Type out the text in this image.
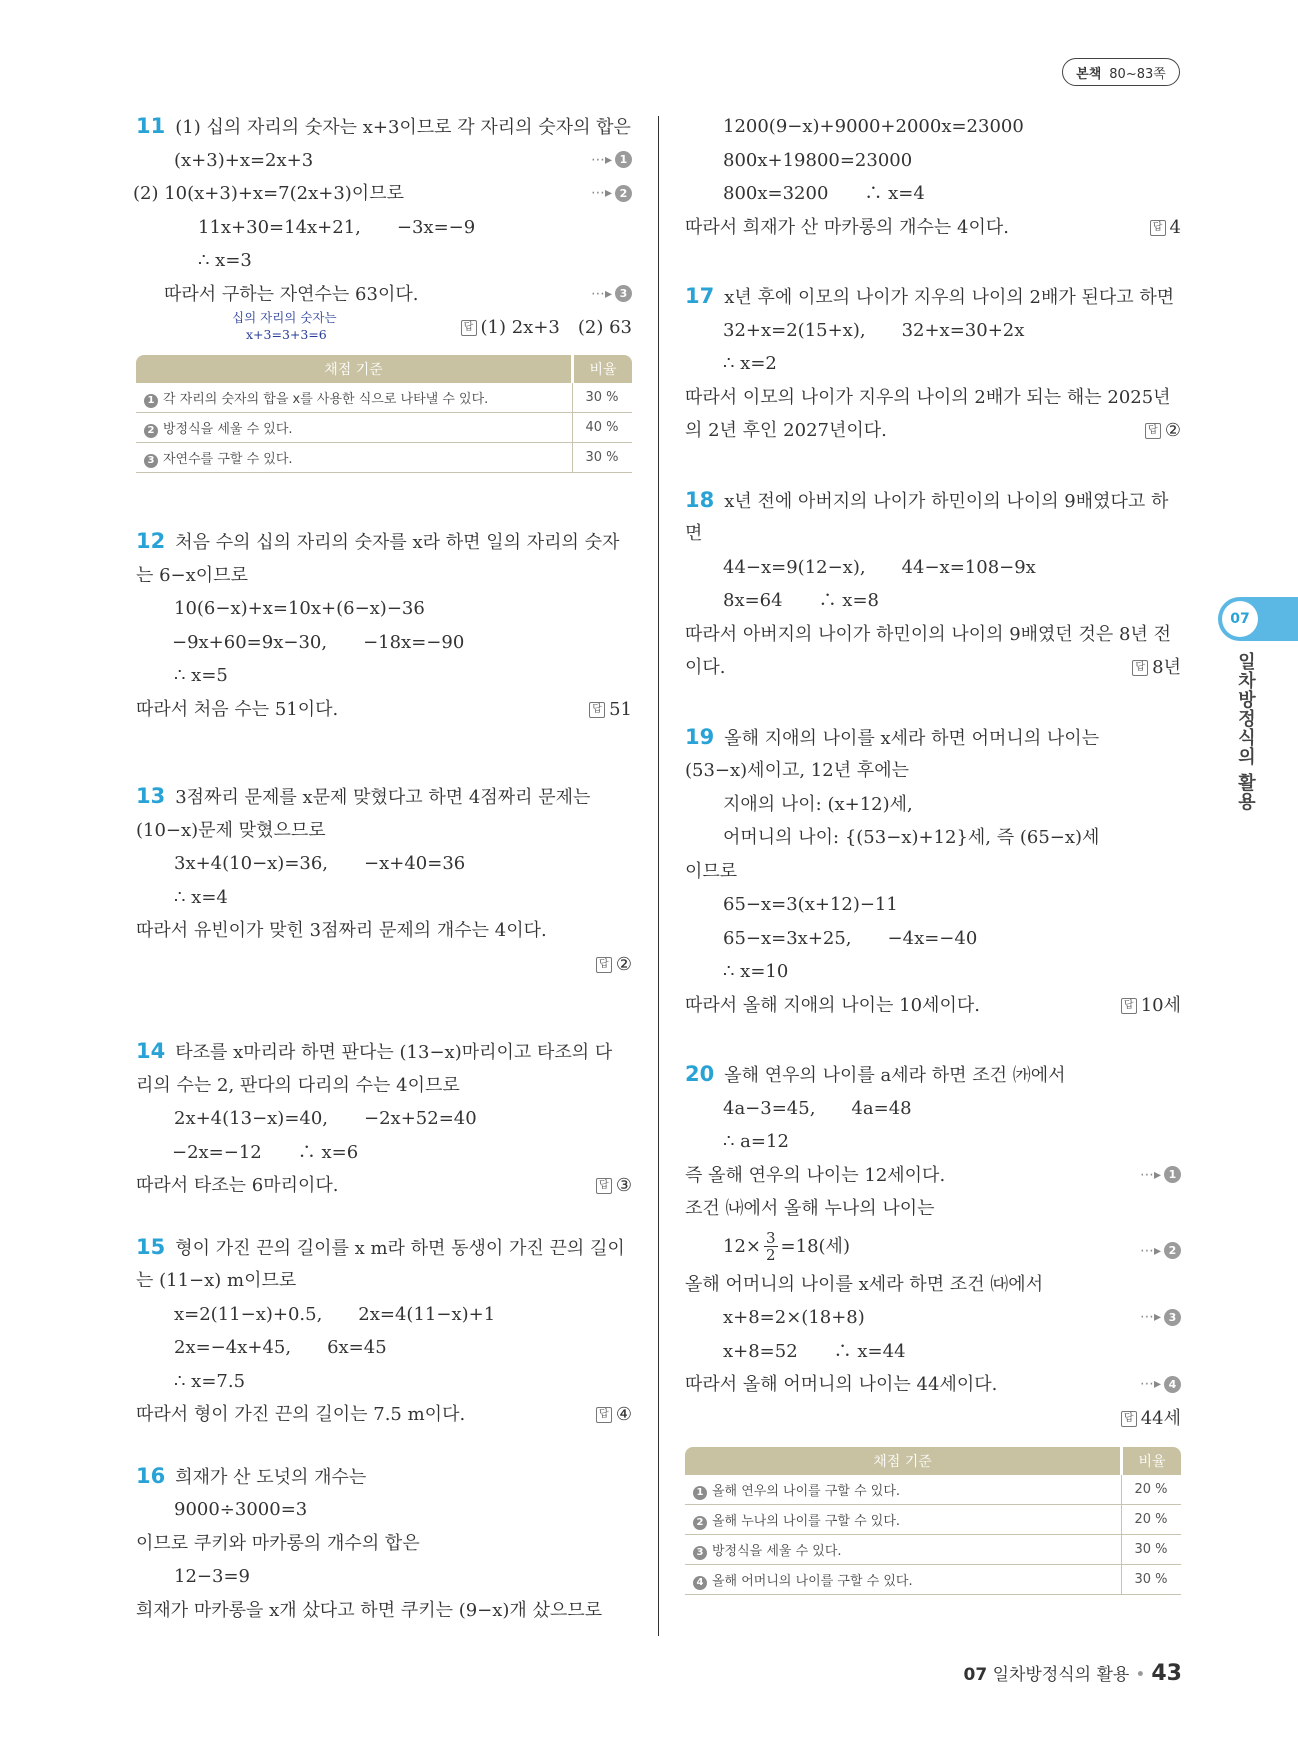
본책 80~83쪽
11 (1) 십의 자리의 숫자는 x+3이므로 각 자리의 숫자의 합은
(x+3)+x=2x+3	⋯▸ 1
(2) 10(x+3)+x=7(2x+3)이므로	⋯▸ 2
11x+30=14x+21,　　−3x=−9
∴ x=3
따라서 구하는 자연수는 63이다.	⋯▸ 3
답 (1) 2x+3　(2) 63
채점 기준	비율
1 각 자리의 숫자의 합을 x를 사용한 식으로 나타낼 수 있다.	30 %
2 방정식을 세울 수 있다.	40 %
3 자연수를 구할 수 있다.	30 %
12 처음 수의 십의 자리의 숫자를 x라 하면 일의 자리의 숫자
는 6−x이므로
10(6−x)+x=10x+(6−x)−36
−9x+60=9x−30,　　−18x=−90
∴ x=5
따라서 처음 수는 51이다.	답 51
13 3점짜리 문제를 x문제 맞혔다고 하면 4점짜리 문제는
(10−x)문제 맞혔으므로
3x+4(10−x)=36,　　−x+40=36
∴ x=4
따라서 유빈이가 맞힌 3점짜리 문제의 개수는 4이다.
답 ②
14 타조를 x마리라 하면 판다는 (13−x)마리이고 타조의 다
리의 수는 2, 판다의 다리의 수는 4이므로
2x+4(13−x)=40,　　−2x+52=40
−2x=−12　　∴ x=6
따라서 타조는 6마리이다.	답 ③
15 형이 가진 끈의 길이를 x m라 하면 동생이 가진 끈의 길이
는 (11−x) m이므로
x=2(11−x)+0.5,　　2x=4(11−x)+1
2x=−4x+45,　　6x=45
∴ x=7.5
따라서 형이 가진 끈의 길이는 7.5 m이다.	답 ④
16 희재가 산 도넛의 개수는
9000÷3000=3
이므로 쿠키와 마카롱의 개수의 합은
12−3=9
희재가 마카롱을 x개 샀다고 하면 쿠키는 (9−x)개 샀으므로
십의 자리의 숫자는
x+3=3+3=6
1200(9−x)+9000+2000x=23000
800x+19800=23000
800x=3200　　∴ x=4
따라서 희재가 산 마카롱의 개수는 4이다.	답 4
17 x년 후에 이모의 나이가 지우의 나이의 2배가 된다고 하면
32+x=2(15+x),　　32+x=30+2x
∴ x=2
따라서 이모의 나이가 지우의 나이의 2배가 되는 해는 2025년
의 2년 후인 2027년이다.	답 ②
18 x년 전에 아버지의 나이가 하민이의 나이의 9배였다고 하
면
44−x=9(12−x),　　44−x=108−9x
8x=64　　∴ x=8
따라서 아버지의 나이가 하민이의 나이의 9배였던 것은 8년 전
이다.	답 8년
19 올해 지애의 나이를 x세라 하면 어머니의 나이는
(53−x)세이고, 12년 후에는
지애의 나이: (x+12)세,
어머니의 나이: {(53−x)+12}세, 즉 (65−x)세
이므로
65−x=3(x+12)−11
65−x=3x+25,　　−4x=−40
∴ x=10
따라서 올해 지애의 나이는 10세이다.	답 10세
20 올해 연우의 나이를 a세라 하면 조건 ㈎에서
4a−3=45,　　4a=48
∴ a=12
즉 올해 연우의 나이는 12세이다.	⋯▸ 1
조건 ㈏에서 올해 누나의 나이는
$12\times \frac{3}{2} =18$(세)	⋯▸ 2
올해 어머니의 나이를 x세라 하면 조건 ㈐에서
x+8=2×(18+8)	⋯▸ 3
x+8=52　　∴ x=44
따라서 올해 어머니의 나이는 44세이다.	⋯▸ 4
답 44세
채점 기준	비율
1 올해 연우의 나이를 구할 수 있다.	20 %
2 올해 누나의 나이를 구할 수 있다.	20 %
3 방정식을 세울 수 있다.	30 %
4 올해 어머니의 나이를 구할 수 있다.	30 %
07
일차방정식의 활용
07 일차방정식의 활용 • 43
